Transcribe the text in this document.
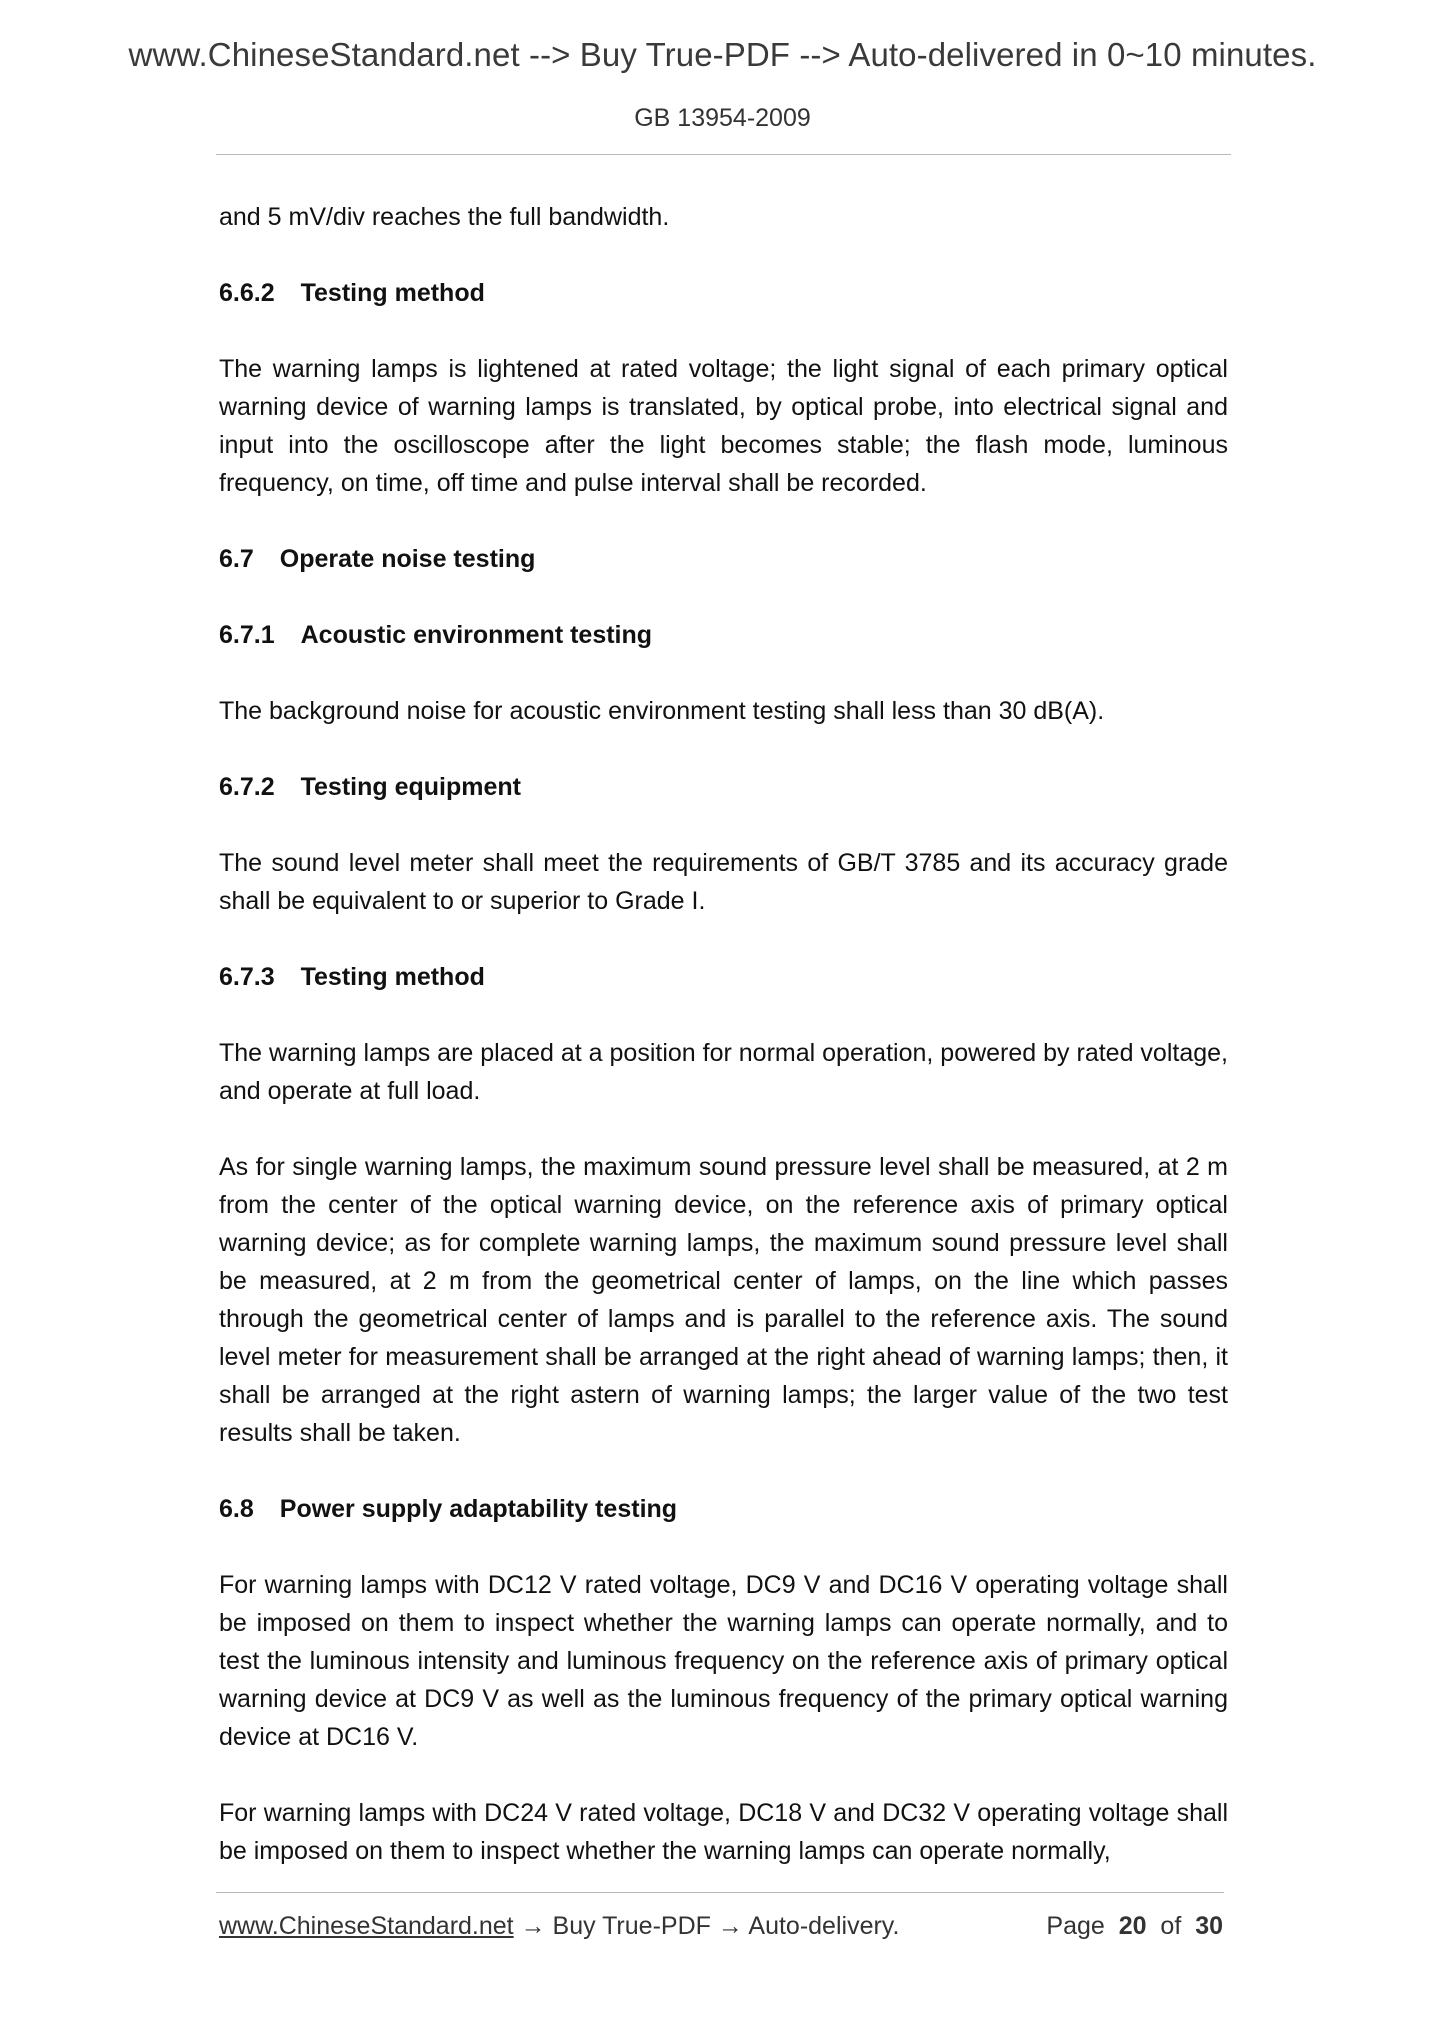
www.ChineseStandard.net --> Buy True-PDF --> Auto-delivered in 0~10 minutes.
GB 13954-2009

and 5 mV/div reaches the full bandwidth.

6.6.2 Testing method

The warning lamps is lightened at rated voltage; the light signal of each primary optical warning device of warning lamps is translated, by optical probe, into electrical signal and input into the oscilloscope after the light becomes stable; the flash mode, luminous frequency, on time, off time and pulse interval shall be recorded.

6.7 Operate noise testing
6.7.1 Acoustic environment testing

The background noise for acoustic environment testing shall less than 30 dB(A).

6.7.2 Testing equipment

The sound level meter shall meet the requirements of GB/T 3785 and its accuracy grade shall be equivalent to or superior to Grade I.

6.7.3 Testing method

The warning lamps are placed at a position for normal operation, powered by rated voltage, and operate at full load.

As for single warning lamps, the maximum sound pressure level shall be measured, at 2 m from the center of the optical warning device, on the reference axis of primary optical warning device; as for complete warning lamps, the maximum sound pressure level shall be measured, at 2 m from the geometrical center of lamps, on the line which passes through the geometrical center of lamps and is parallel to the reference axis. The sound level meter for measurement shall be arranged at the right ahead of warning lamps; then, it shall be arranged at the right astern of warning lamps; the larger value of the two test results shall be taken.

6.8 Power supply adaptability testing

For warning lamps with DC12 V rated voltage, DC9 V and DC16 V operating voltage shall be imposed on them to inspect whether the warning lamps can operate normally, and to test the luminous intensity and luminous frequency on the reference axis of primary optical warning device at DC9 V as well as the luminous frequency of the primary optical warning device at DC16 V.

For warning lamps with DC24 V rated voltage, DC18 V and DC32 V operating voltage shall be imposed on them to inspect whether the warning lamps can operate normally,

www.ChineseStandard.net → Buy True-PDF → Auto-delivery.	Page 20 of 30
